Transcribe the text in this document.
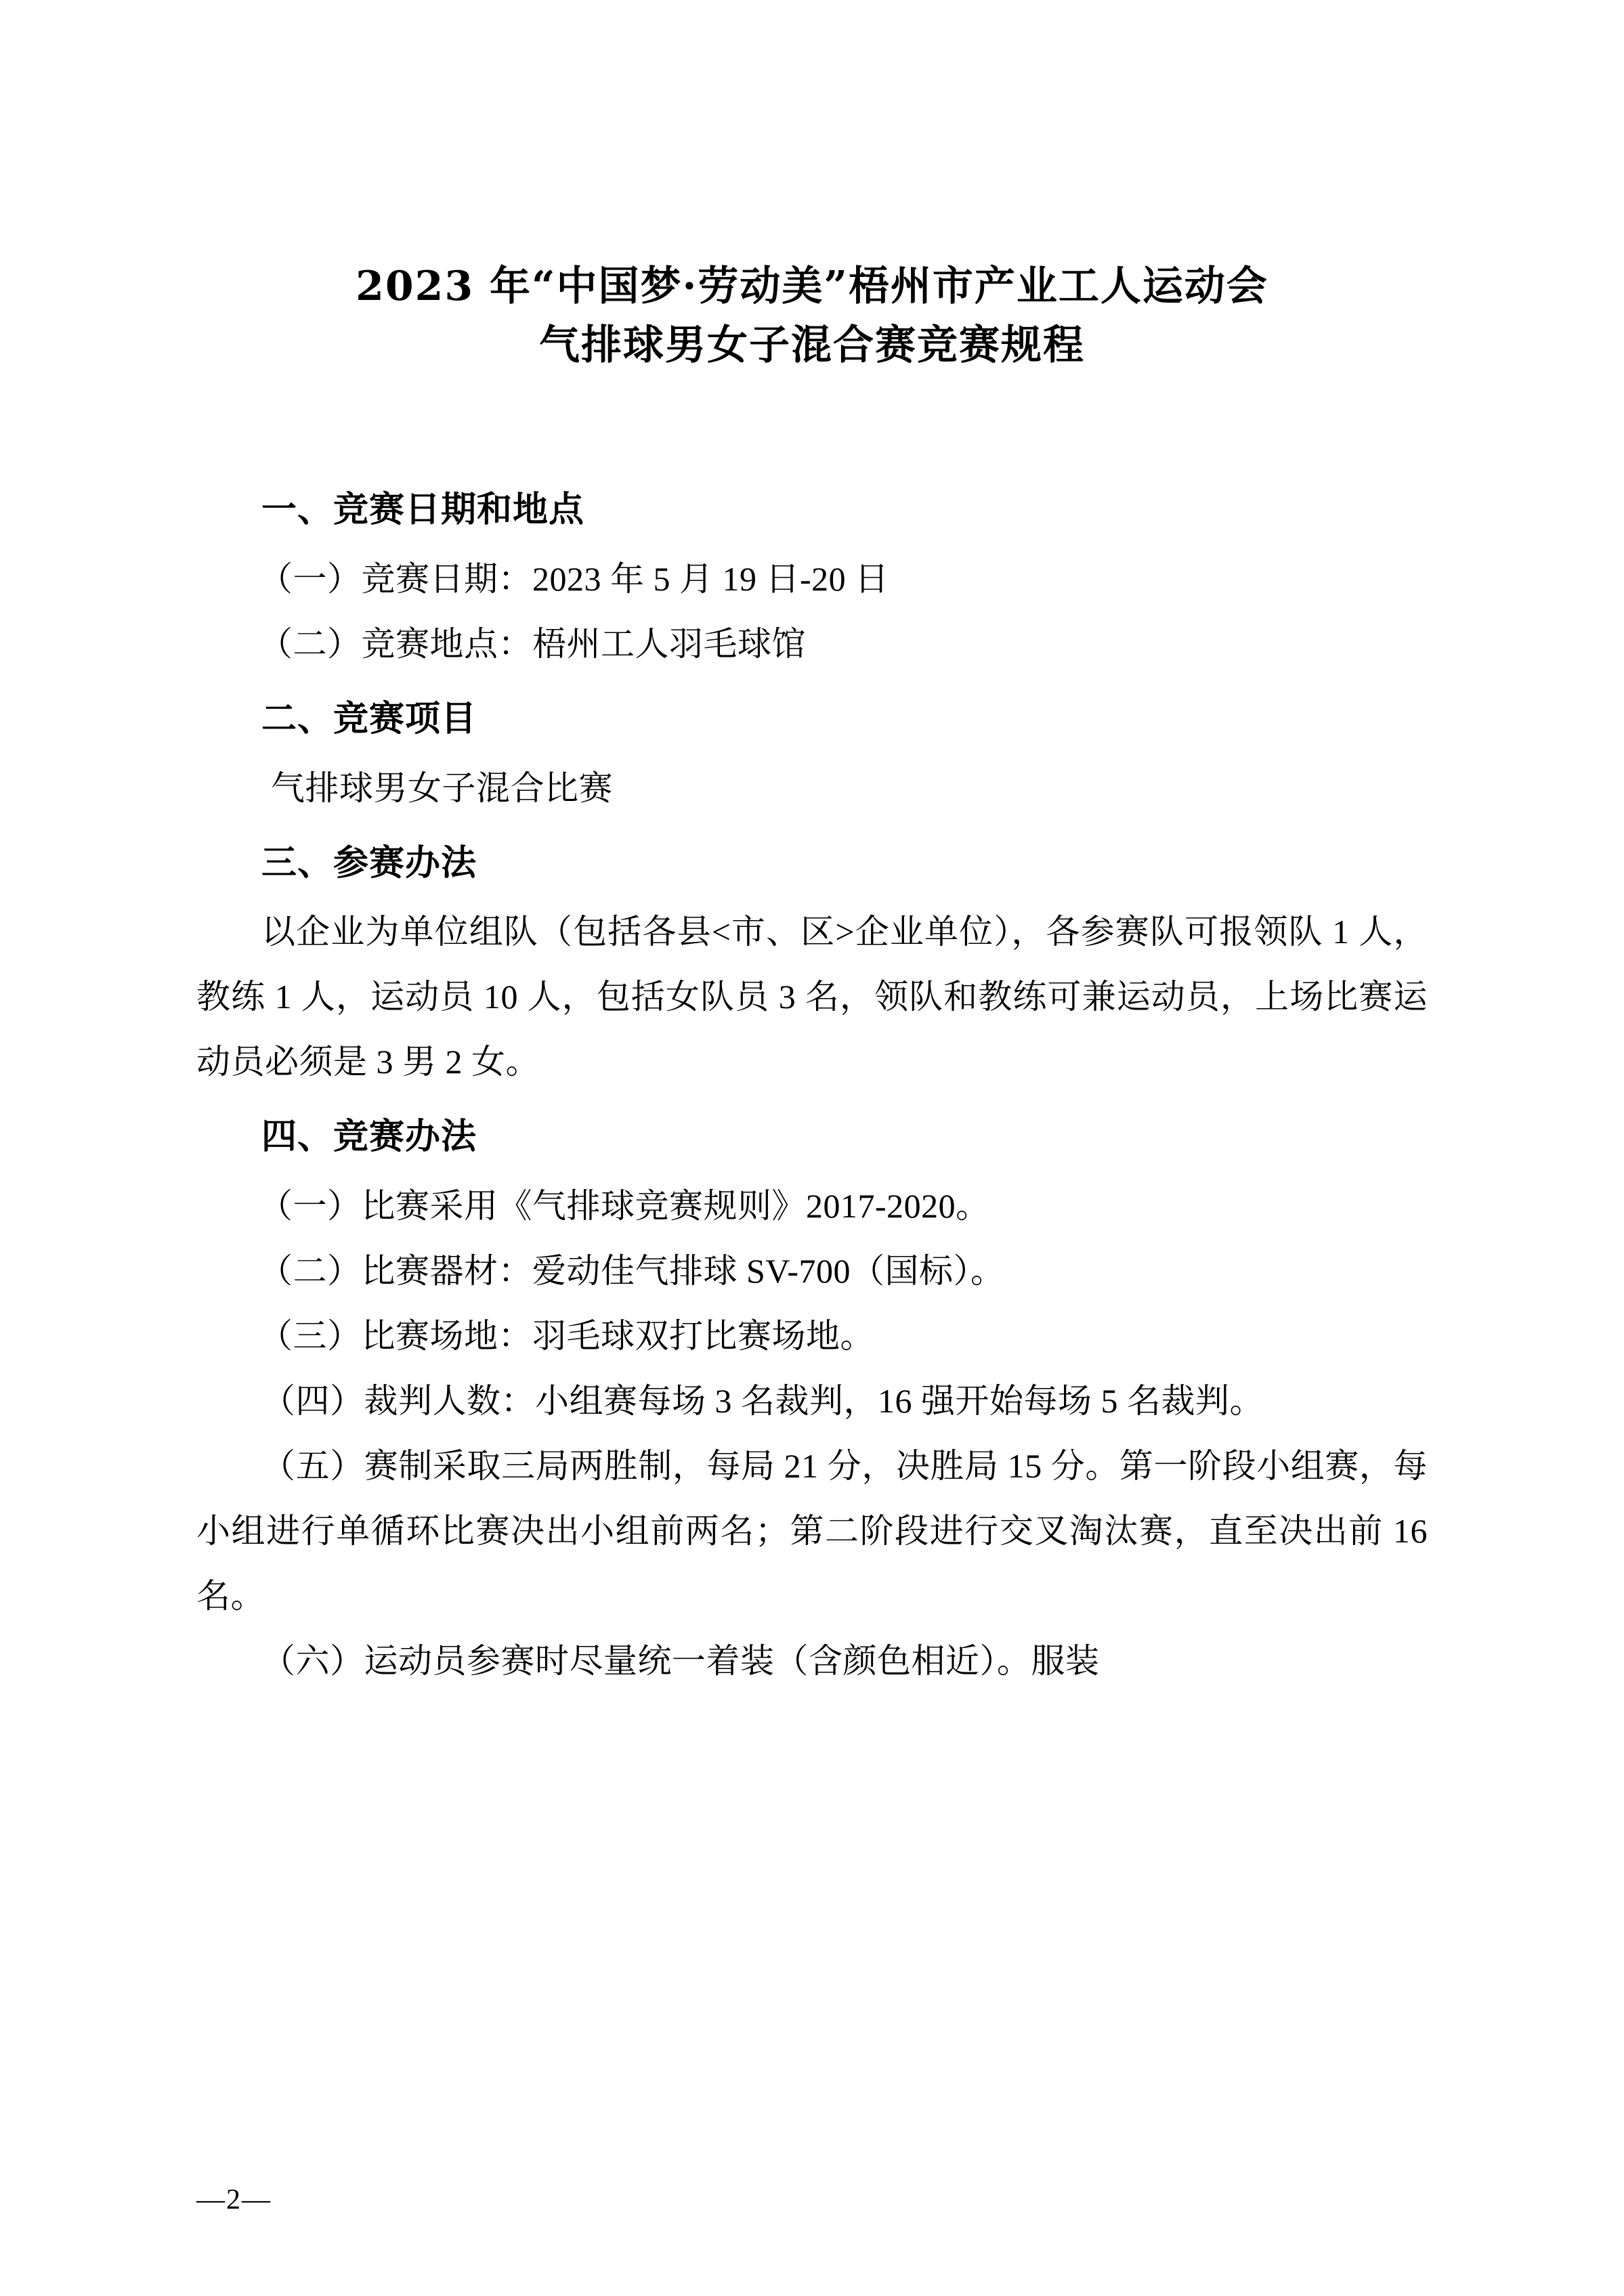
2023 年“中国梦·劳动美”梧州市产业工人运动会
气排球男女子混合赛竞赛规程
一、竞赛日期和地点

（一）竞赛日期：2023 年 5 月 19 日-20 日

（二）竞赛地点：梧州工人羽毛球馆

二、竞赛项目

气排球男女子混合比赛

三、参赛办法

以企业为单位组队（包括各县<市、区>企业单位），各参赛队可报领队 1 人，教练 1 人，运动员 10 人，包括女队员 3 名，领队和教练可兼运动员，上场比赛运动员必须是 3 男 2 女。

四、竞赛办法

（一）比赛采用《气排球竞赛规则》2017-2020。

（二）比赛器材：爱动佳气排球 SV-700（国标）。

（三）比赛场地：羽毛球双打比赛场地。

（四）裁判人数：小组赛每场 3 名裁判，16 强开始每场 5 名裁判。

（五）赛制采取三局两胜制，每局 21 分，决胜局 15 分。第一阶段小组赛，每小组进行单循环比赛决出小组前两名；第二阶段进行交叉淘汰赛，直至决出前 16 名。

（六）运动员参赛时尽量统一着装（含颜色相近）。服装

—2—
